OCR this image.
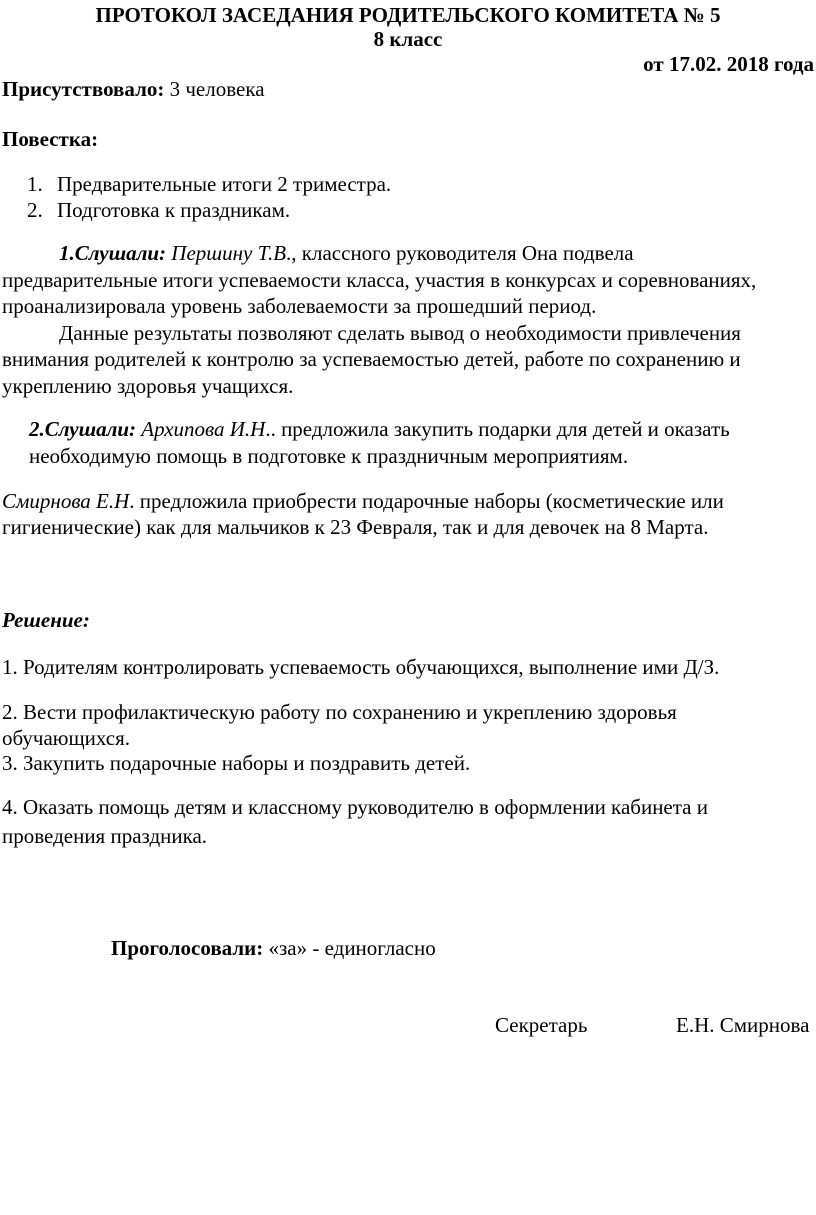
ПРОТОКОЛ ЗАСЕДАНИЯ РОДИТЕЛЬСКОГО КОМИТЕТА № 5
8 класс
от 17.02. 2018 года
Присутствовало: 3 человека
Повестка:
1. Предварительные итоги 2 триместра.
2. Подготовка к праздникам.
1.Слушали: Першину Т.В., классного руководителя Она подвела
предварительные итоги успеваемости класса, участия в конкурсах и соревнованиях,
проанализировала уровень заболеваемости за прошедший период.
Данные результаты позволяют сделать вывод о необходимости привлечения
внимания родителей к контролю за успеваемостью детей, работе по сохранению и
укреплению здоровья учащихся.
2.Слушали: Архипова И.Н.. предложила закупить подарки для детей и оказать
необходимую помощь в подготовке к праздничным мероприятиям.
Смирнова Е.Н. предложила приобрести подарочные наборы (косметические или
гигиенические) как для мальчиков к 23 Февраля, так и для девочек на 8 Марта.
Решение:
1. Родителям контролировать успеваемость обучающихся, выполнение ими Д/З.
2. Вести профилактическую работу по сохранению и укреплению здоровья
обучающихся.
3. Закупить подарочные наборы и поздравить детей.
4. Оказать помощь детям и классному руководителю в оформлении кабинета и
проведения праздника.
Проголосовали: «за» - единогласно
Секретарь	Е.Н. Смирнова
